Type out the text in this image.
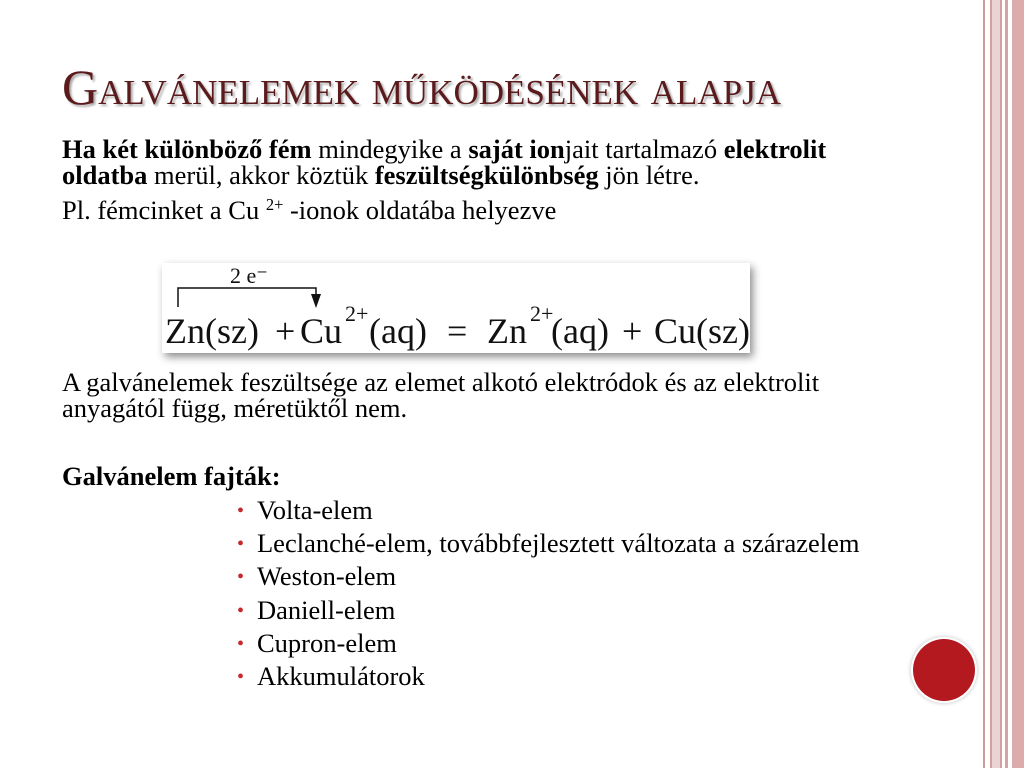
Galvánelemek működésének alapja
Ha két különböző fém mindegyike a saját ionjait tartalmazó elektrolit oldatba merül, akkor köztük feszültségkülönbség jön létre.
Pl. fémcinket a Cu $^{2+}$ -ionok oldatába helyezve
2 e⁻
Zn(sz) + Cu 2+ (aq) = Zn 2+
(aq) + Cu(sz)
A galvánelemek feszültsége az elemet alkotó elektródok és az elektrolit anyagától függ, méretüktől nem.
Galvánelem fajták:
• Volta-elem
• Leclanché-elem, továbbfejlesztett változata a szárazelem
• Weston-elem
• Daniell-elem
• Cupron-elem
• Akkumulátorok
